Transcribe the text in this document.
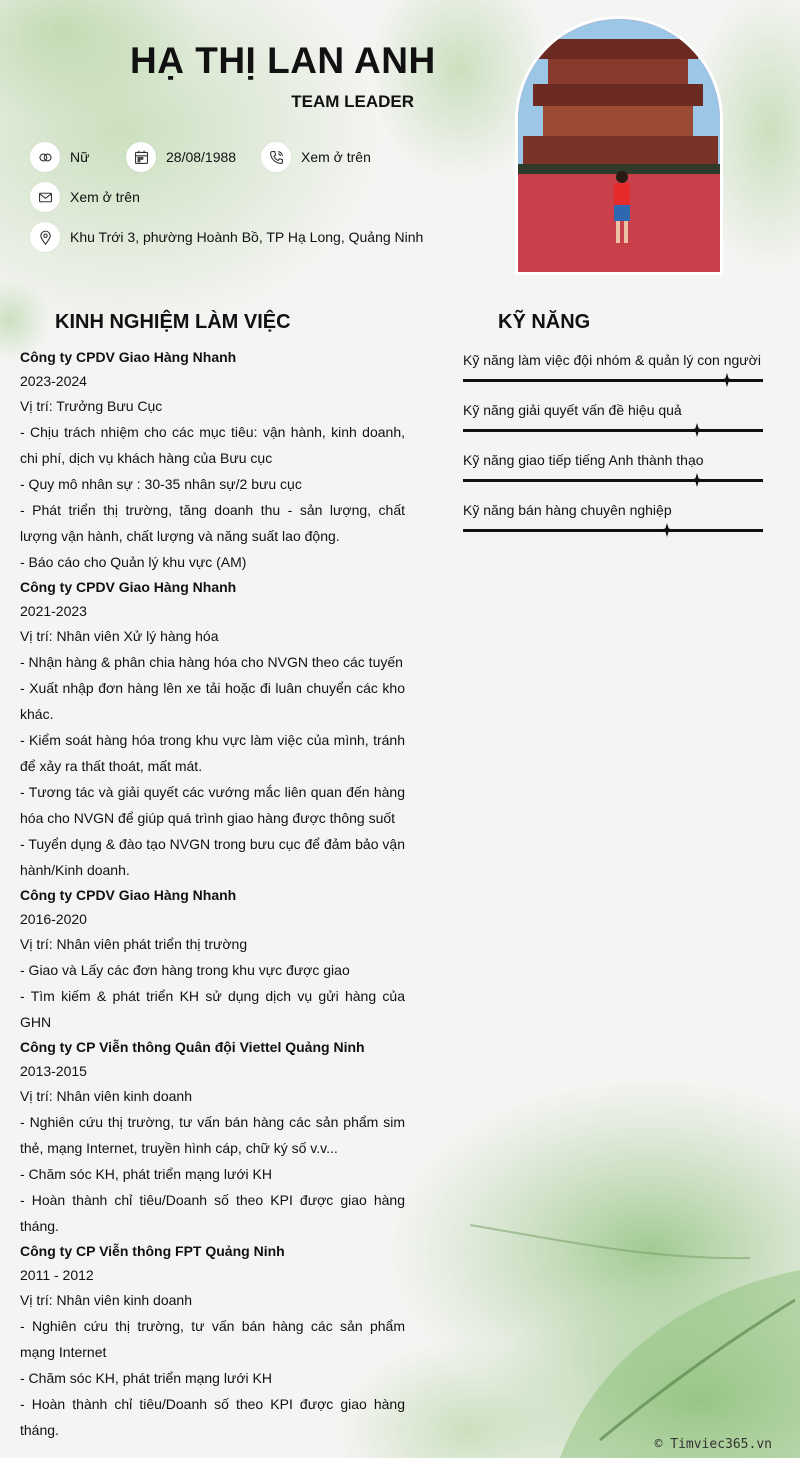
HẠ THỊ LAN ANH
TEAM LEADER
Nữ	28/08/1988	Xem ở trên
Xem ở trên
Khu Trới 3, phường Hoành Bồ, TP Hạ Long, Quảng Ninh
KINH NGHIỆM LÀM VIỆC	KỸ NĂNG
Công ty CPDV Giao Hàng Nhanh
2023-2024
Vị trí: Trưởng Bưu Cục
- Chịu trách nhiệm cho các mục tiêu: vận hành, kinh doanh, chi phí, dịch vụ khách hàng của Bưu cục
- Quy mô nhân sự : 30-35 nhân sự/2 bưu cục
- Phát triển thị trường, tăng doanh thu - sản lượng, chất lượng vận hành, chất lượng và năng suất lao động.
- Báo cáo cho Quản lý khu vực (AM)
Công ty CPDV Giao Hàng Nhanh
2021-2023
Vị trí: Nhân viên Xử lý hàng hóa
- Nhận hàng & phân chia hàng hóa cho NVGN theo các tuyến
- Xuất nhập đơn hàng lên xe tải hoặc đi luân chuyển các kho khác.
- Kiểm soát hàng hóa trong khu vực làm việc của mình, tránh để xảy ra thất thoát, mất mát.
- Tương tác và giải quyết các vướng mắc liên quan đến hàng hóa cho NVGN để giúp quá trình giao hàng được thông suốt
- Tuyển dụng & đào tạo NVGN trong bưu cục để đảm bảo vận hành/Kinh doanh.
Công ty CPDV Giao Hàng Nhanh
2016-2020
Vị trí: Nhân viên phát triển thị trường
- Giao và Lấy các đơn hàng trong khu vực được giao
- Tìm kiếm & phát triển KH sử dụng dịch vụ gửi hàng của GHN
Công ty CP Viễn thông Quân đội Viettel Quảng Ninh
2013-2015
Vị trí: Nhân viên kinh doanh
- Nghiên cứu thị trường, tư vấn bán hàng các sản phẩm sim thẻ, mạng Internet, truyền hình cáp, chữ ký số v.v...
- Chăm sóc KH, phát triển mạng lưới KH
- Hoàn thành chỉ tiêu/Doanh số theo KPI được giao hàng tháng.
Công ty CP Viễn thông FPT Quảng Ninh
2011 - 2012
Vị trí: Nhân viên kinh doanh
- Nghiên cứu thị trường, tư vấn bán hàng các sản phẩm mạng Internet
- Chăm sóc KH, phát triển mạng lưới KH
- Hoàn thành chỉ tiêu/Doanh số theo KPI được giao hàng tháng.
Kỹ năng làm việc đội nhóm & quản lý con người
Kỹ năng giải quyết vấn đề hiệu quả
Kỹ năng giao tiếp tiếng Anh thành thạo
Kỹ năng bán hàng chuyên nghiệp
© Timviec365.vn
